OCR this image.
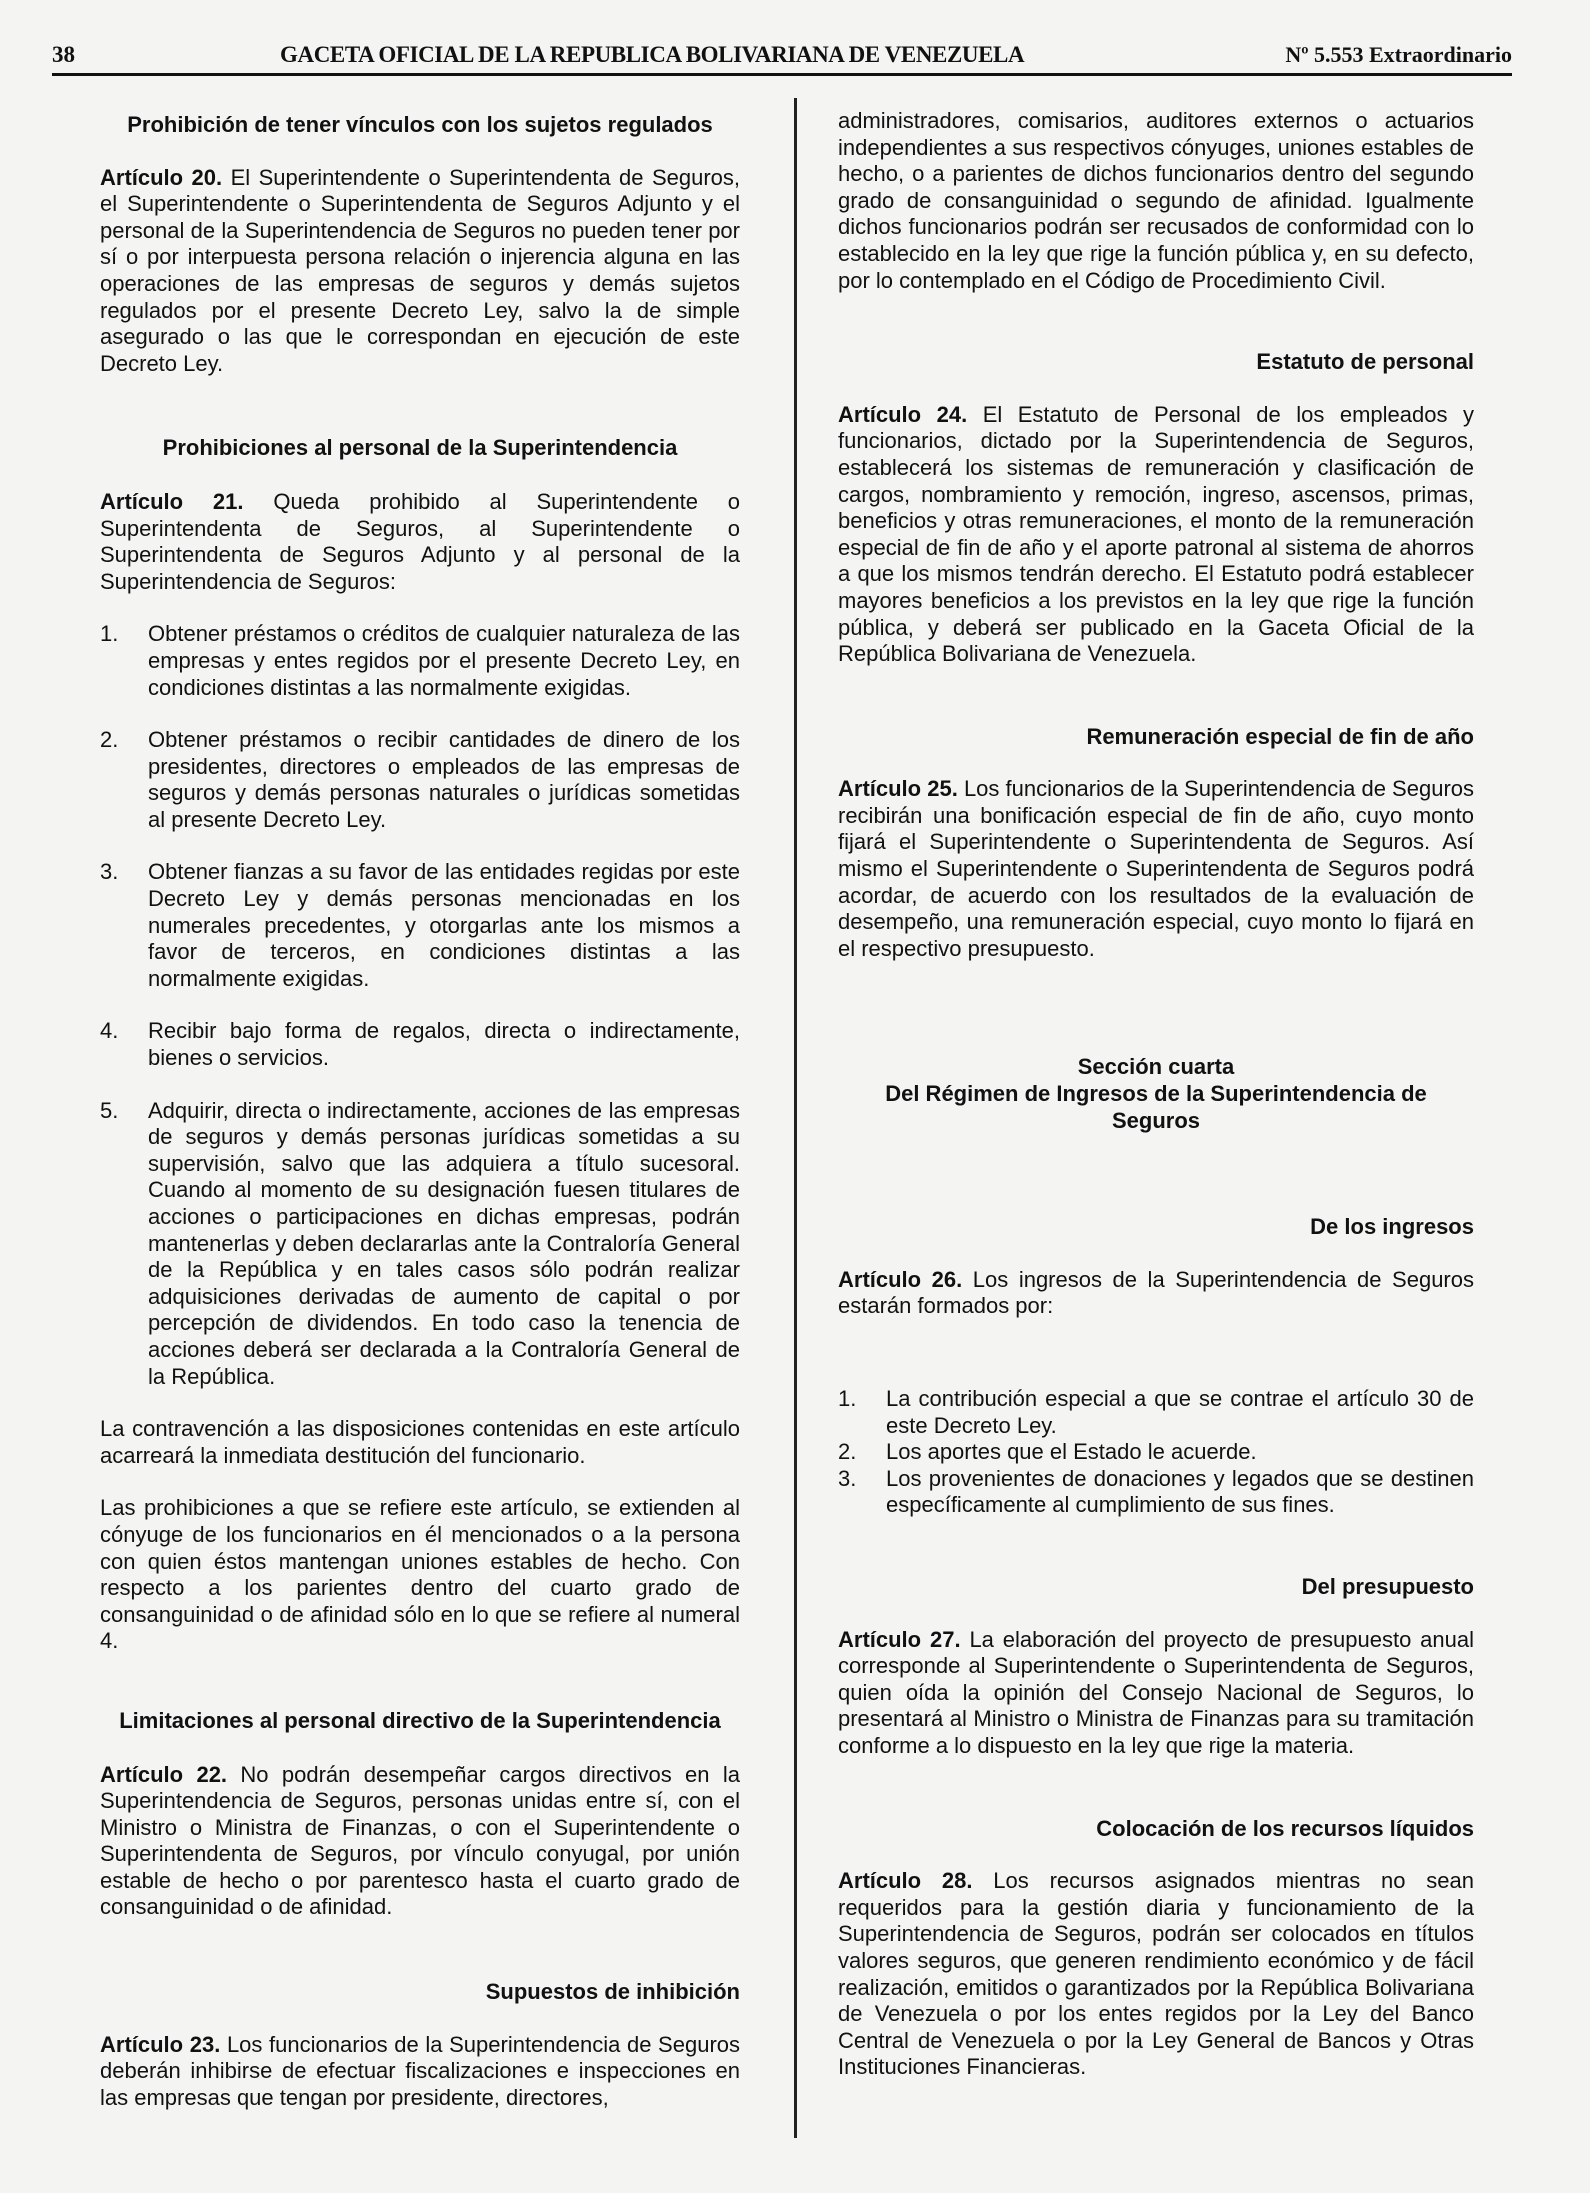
38	GACETA OFICIAL DE LA REPUBLICA BOLIVARIANA DE VENEZUELA	Nº 5.553 Extraordinario

Prohibición de tener vínculos con los sujetos regulados

Artículo 20. El Superintendente o Superintendenta de Seguros, el Superintendente o Superintendenta de Seguros Adjunto y el personal de la Superintendencia de Seguros no pueden tener por sí o por interpuesta persona relación o injerencia alguna en las operaciones de las empresas de seguros y demás sujetos regulados por el presente Decreto Ley, salvo la de simple asegurado o las que le correspondan en ejecución de este Decreto Ley.

Prohibiciones al personal de la Superintendencia

Artículo 21. Queda prohibido al Superintendente o Superintendenta de Seguros, al Superintendente o Superintendenta de Seguros Adjunto y al personal de la Superintendencia de Seguros:

1. Obtener préstamos o créditos de cualquier naturaleza de las empresas y entes regidos por el presente Decreto Ley, en condiciones distintas a las normalmente exigidas.
2. Obtener préstamos o recibir cantidades de dinero de los presidentes, directores o empleados de las empresas de seguros y demás personas naturales o jurídicas sometidas al presente Decreto Ley.
3. Obtener fianzas a su favor de las entidades regidas por este Decreto Ley y demás personas mencionadas en los numerales precedentes, y otorgarlas ante los mismos a favor de terceros, en condiciones distintas a las normalmente exigidas.
4. Recibir bajo forma de regalos, directa o indirectamente, bienes o servicios.
5. Adquirir, directa o indirectamente, acciones de las empresas de seguros y demás personas jurídicas sometidas a su supervisión, salvo que las adquiera a título sucesoral. Cuando al momento de su designación fuesen titulares de acciones o participaciones en dichas empresas, podrán mantenerlas y deben declararlas ante la Contraloría General de la República y en tales casos sólo podrán realizar adquisiciones derivadas de aumento de capital o por percepción de dividendos. En todo caso la tenencia de acciones deberá ser declarada a la Contraloría General de la República.

La contravención a las disposiciones contenidas en este artículo acarreará la inmediata destitución del funcionario.

Las prohibiciones a que se refiere este artículo, se extienden al cónyuge de los funcionarios en él mencionados o a la persona con quien éstos mantengan uniones estables de hecho. Con respecto a los parientes dentro del cuarto grado de consanguinidad o de afinidad sólo en lo que se refiere al numeral 4.

Limitaciones al personal directivo de la Superintendencia

Artículo 22. No podrán desempeñar cargos directivos en la Superintendencia de Seguros, personas unidas entre sí, con el Ministro o Ministra de Finanzas, o con el Superintendente o Superintendenta de Seguros, por vínculo conyugal, por unión estable de hecho o por parentesco hasta el cuarto grado de consanguinidad o de afinidad.

Supuestos de inhibición

Artículo 23. Los funcionarios de la Superintendencia de Seguros deberán inhibirse de efectuar fiscalizaciones e inspecciones en las empresas que tengan por presidente, directores,

administradores, comisarios, auditores externos o actuarios independientes a sus respectivos cónyuges, uniones estables de hecho, o a parientes de dichos funcionarios dentro del segundo grado de consanguinidad o segundo de afinidad. Igualmente dichos funcionarios podrán ser recusados de conformidad con lo establecido en la ley que rige la función pública y, en su defecto, por lo contemplado en el Código de Procedimiento Civil.

Estatuto de personal

Artículo 24. El Estatuto de Personal de los empleados y funcionarios, dictado por la Superintendencia de Seguros, establecerá los sistemas de remuneración y clasificación de cargos, nombramiento y remoción, ingreso, ascensos, primas, beneficios y otras remuneraciones, el monto de la remuneración especial de fin de año y el aporte patronal al sistema de ahorros a que los mismos tendrán derecho. El Estatuto podrá establecer mayores beneficios a los previstos en la ley que rige la función pública, y deberá ser publicado en la Gaceta Oficial de la República Bolivariana de Venezuela.

Remuneración especial de fin de año

Artículo 25. Los funcionarios de la Superintendencia de Seguros recibirán una bonificación especial de fin de año, cuyo monto fijará el Superintendente o Superintendenta de Seguros. Así mismo el Superintendente o Superintendenta de Seguros podrá acordar, de acuerdo con los resultados de la evaluación de desempeño, una remuneración especial, cuyo monto lo fijará en el respectivo presupuesto.

Sección cuarta
Del Régimen de Ingresos de la Superintendencia de Seguros

De los ingresos

Artículo 26. Los ingresos de la Superintendencia de Seguros estarán formados por:

1. La contribución especial a que se contrae el artículo 30 de este Decreto Ley.
2. Los aportes que el Estado le acuerde.
3. Los provenientes de donaciones y legados que se destinen específicamente al cumplimiento de sus fines.

Del presupuesto

Artículo 27. La elaboración del proyecto de presupuesto anual corresponde al Superintendente o Superintendenta de Seguros, quien oída la opinión del Consejo Nacional de Seguros, lo presentará al Ministro o Ministra de Finanzas para su tramitación conforme a lo dispuesto en la ley que rige la materia.

Colocación de los recursos líquidos

Artículo 28. Los recursos asignados mientras no sean requeridos para la gestión diaria y funcionamiento de la Superintendencia de Seguros, podrán ser colocados en títulos valores seguros, que generen rendimiento económico y de fácil realización, emitidos o garantizados por la República Bolivariana de Venezuela o por los entes regidos por la Ley del Banco Central de Venezuela o por la Ley General de Bancos y Otras Instituciones Financieras.
